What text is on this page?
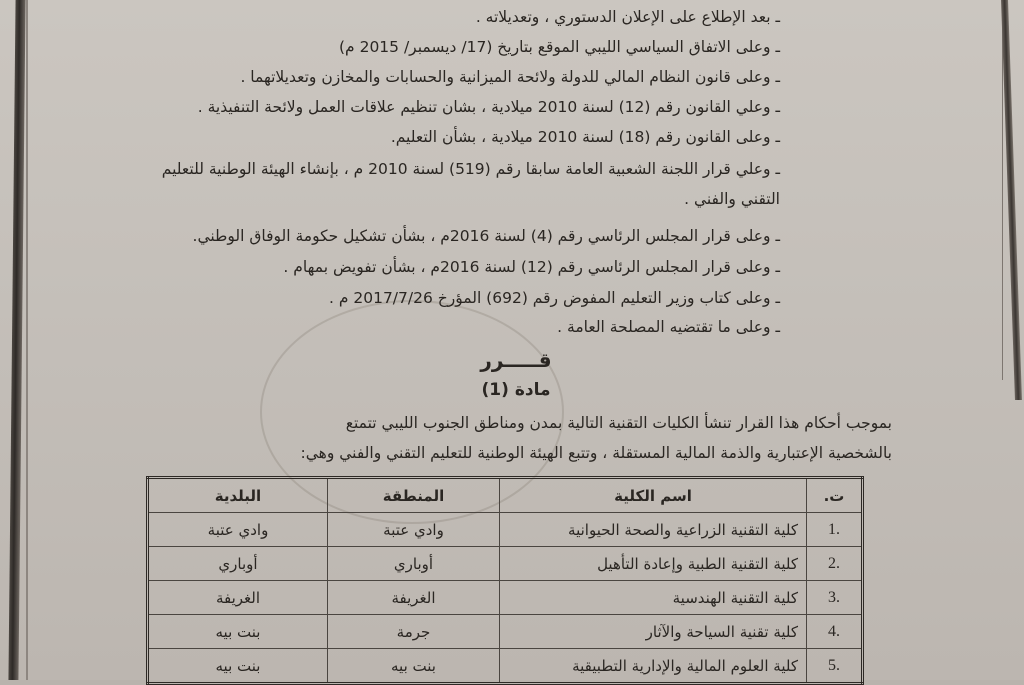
ـ بعد الإطلاع على الإعلان الدستوري ، وتعديلاته .
ـ وعلى الاتفاق السياسي الليبي الموقع بتاريخ (17/ ديسمبر/ 2015 م)
ـ وعلى قانون النظام المالي للدولة ولائحة الميزانية والحسابات والمخازن وتعديلاتهما .
ـ وعلي القانون رقم (12) لسنة 2010 ميلادية ، بشان تنظيم علاقات العمل ولائحة التنفيذية .
ـ وعلى القانون رقم (18) لسنة 2010 ميلادية ، بشأن التعليم.
ـ وعلي قرار اللجنة الشعبية العامة سابقا رقم (519) لسنة 2010 م ، بإنشاء الهيئة الوطنية للتعليم
التقني والفني .
ـ وعلى قرار المجلس الرئاسي رقم (4) لسنة 2016م ، بشأن تشكيل حكومة الوفاق الوطني.
ـ وعلى قرار المجلس الرئاسي رقم (12) لسنة 2016م ، بشأن تفويض بمهام .
ـ وعلى كتاب وزير التعليم المفوض رقم (692) المؤرخ 2017/7/26 م .
ـ وعلى ما تقتضيه المصلحة العامة .
قـــــرر
مادة (1)
بموجب أحكام هذا القرار تنشأ الكليات التقنية التالية بمدن ومناطق الجنوب الليبي تتمتع
بالشخصية الإعتبارية والذمة المالية المستقلة ، وتتبع الهيئة الوطنية للتعليم التقني والفني وهي:
ت.	اسم الكلية	المنطقة	البلدية
1.	كلية التقنية الزراعية والصحة الحيوانية	وادي عتبة	وادي عتبة
2.	كلية التقنية الطبية وإعادة التأهيل	أوباري	أوباري
3.	كلية التقنية الهندسية	الغريفة	الغريفة
4.	كلية تقنية السياحة والآثار	جرمة	بنت بيه
5.	كلية العلوم المالية والإدارية التطبيقية	بنت بيه	بنت بيه
